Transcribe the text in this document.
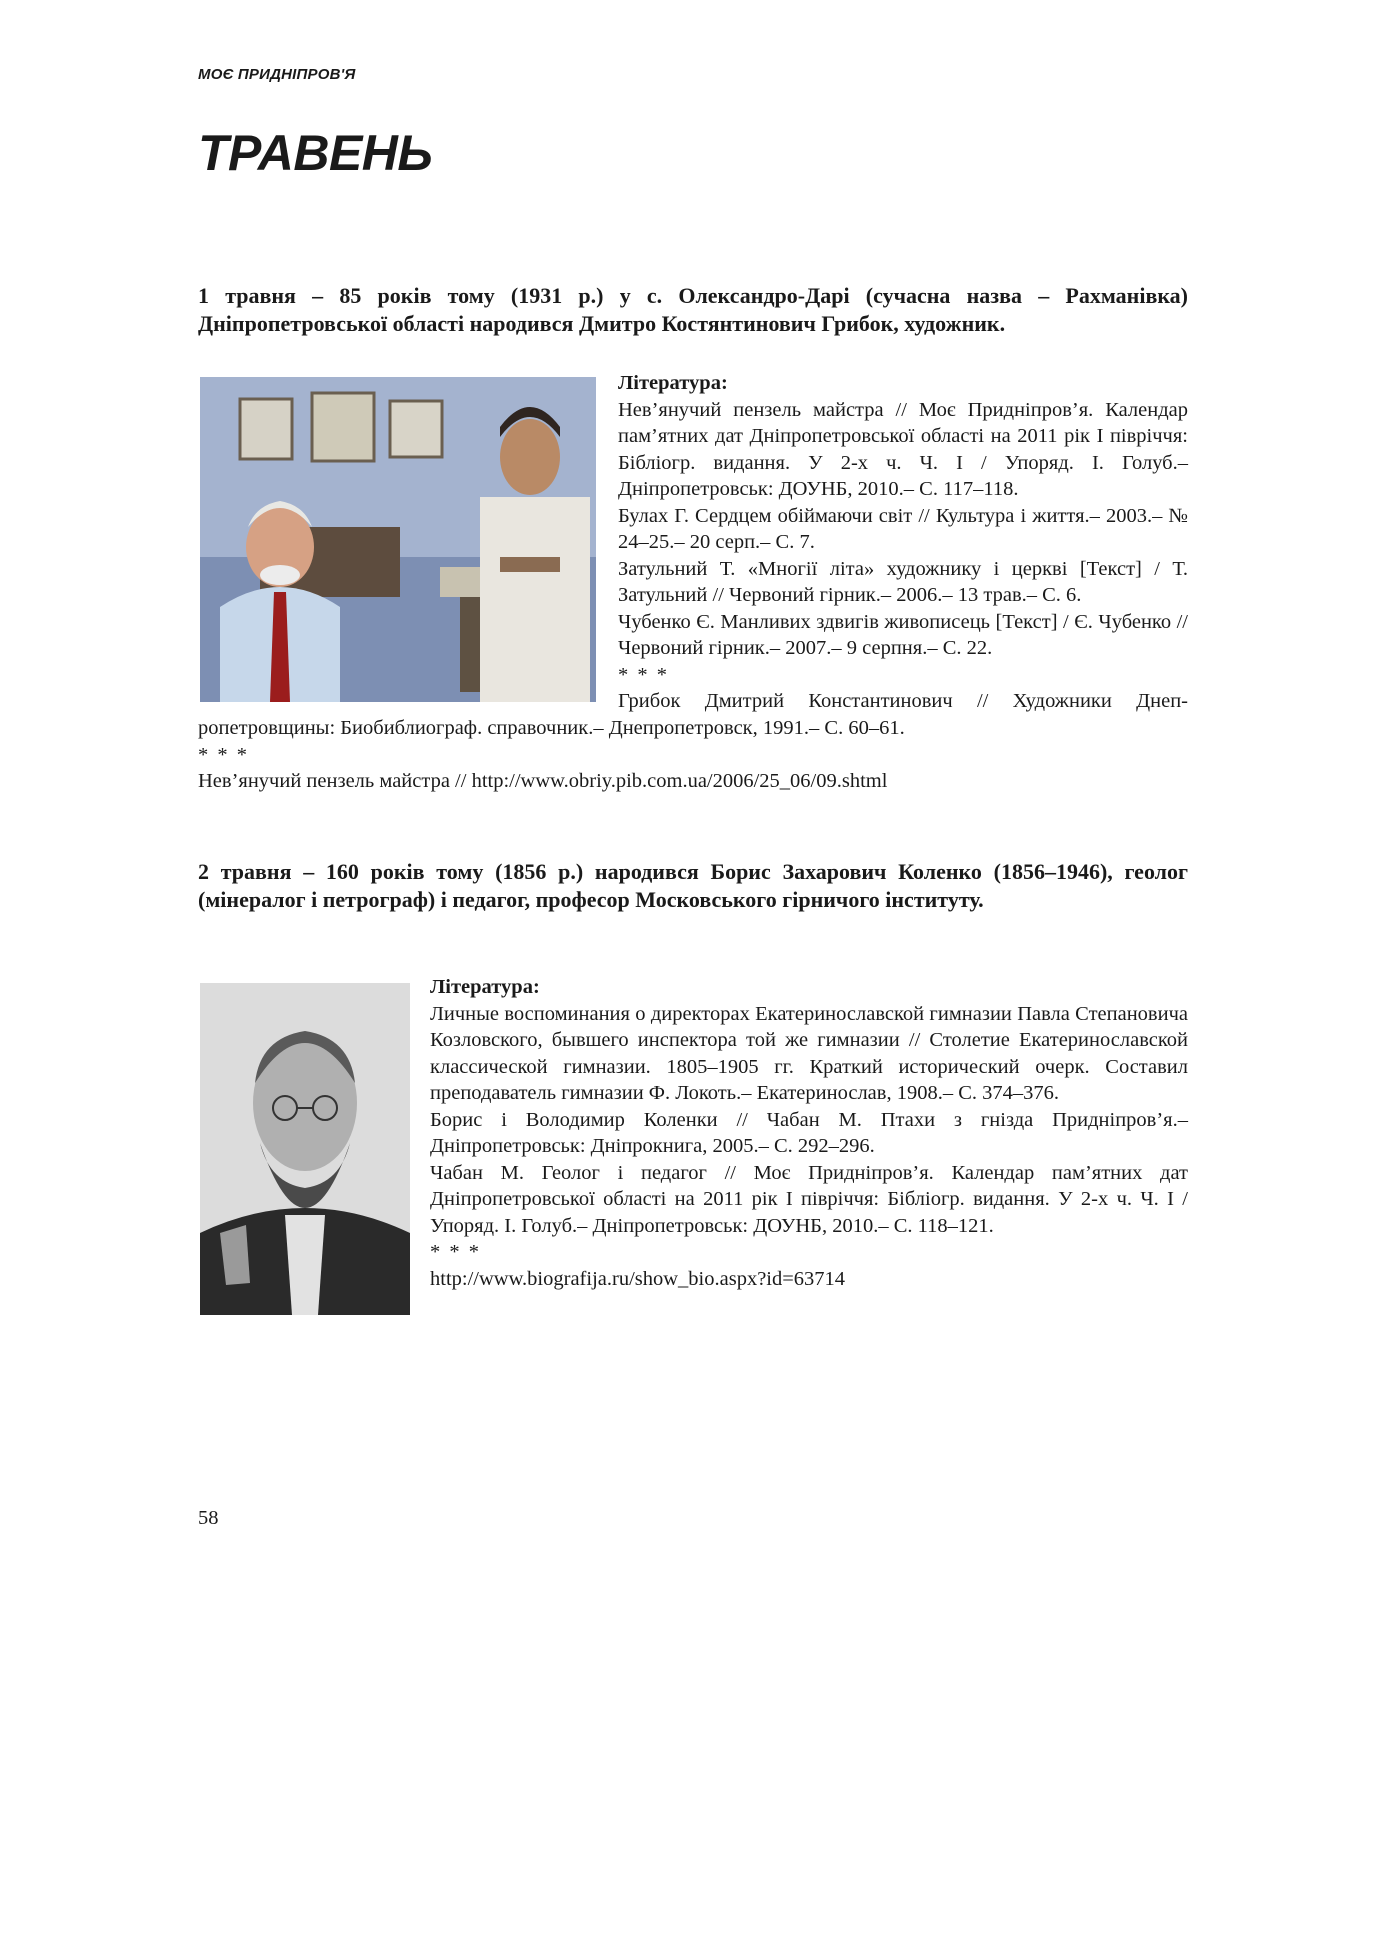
МОЄ ПРИДНІПРОВ'Я
ТРАВЕНЬ
1 травня – 85 років тому (1931 р.) у с. Олександро-Дарі (сучасна назва – Рахманівка) Дніпропетровської області народився Дмитро Костянтинович Грибок, художник.

Література:

Нев’янучий пензель майстра // Моє Придніпров’я. Календар пам’ятних дат Дніпропетровської області на 2011 рік І півріччя: Бібліогр. видання. У 2-х ч. Ч. І / Упоряд. І. Голуб.– Дніпропетровськ: ДОУНБ, 2010.– С. 117–118.

Булах Г. Сердцем обіймаючи світ // Культура і життя.– 2003.– № 24–25.– 20 серп.– С. 7.

Затульний Т. «Многії літа» художнику і церкві [Текст] / Т. Затульний // Червоний гірник.– 2006.– 13 трав.– С. 6.

Чубенко Є. Манливих здвигів живописець [Текст] / Є. Чубенко // Червоний гірник.– 2007.– 9 серпня.– С. 22.

* * *

Грибок Дмитрий Константинович // Художники Днеп-

ропетровщины: Биобиблиограф. справочник.– Днепропетровск, 1991.– С. 60–61.

* * *

Нев’янучий пензель майстра // http://www.obriy.pib.com.ua/2006/25_06/09.shtml

2 травня – 160 років тому (1856 р.) народився Борис Захарович Коленко (1856–1946), геолог (мінералог і петрограф) і педагог, професор Московського гірничого інституту.

Література:

Личные воспоминания о директорах Екатеринославской гимназии Павла Степановича Козловского, бывшего инспектора той же гимназии // Столетие Екатеринославской классической гимназии. 1805–1905 гг. Краткий исторический очерк. Составил преподаватель гимназии Ф. Локоть.– Екатеринослав, 1908.– С. 374–376.

Борис і Володимир Коленки // Чабан М. Птахи з гнізда Придніпров’я.– Дніпропетровськ: Дніпрокнига, 2005.– С. 292–296.

Чабан М. Геолог і педагог // Моє Придніпров’я. Календар пам’ятних дат Дніпропетровської області на 2011 рік І півріччя: Бібліогр. видання. У 2-х ч. Ч. І / Упоряд. І. Голуб.– Дніпропетровськ: ДОУНБ, 2010.– С. 118–121.

* * *

http://www.biografija.ru/show_bio.aspx?id=63714

58
